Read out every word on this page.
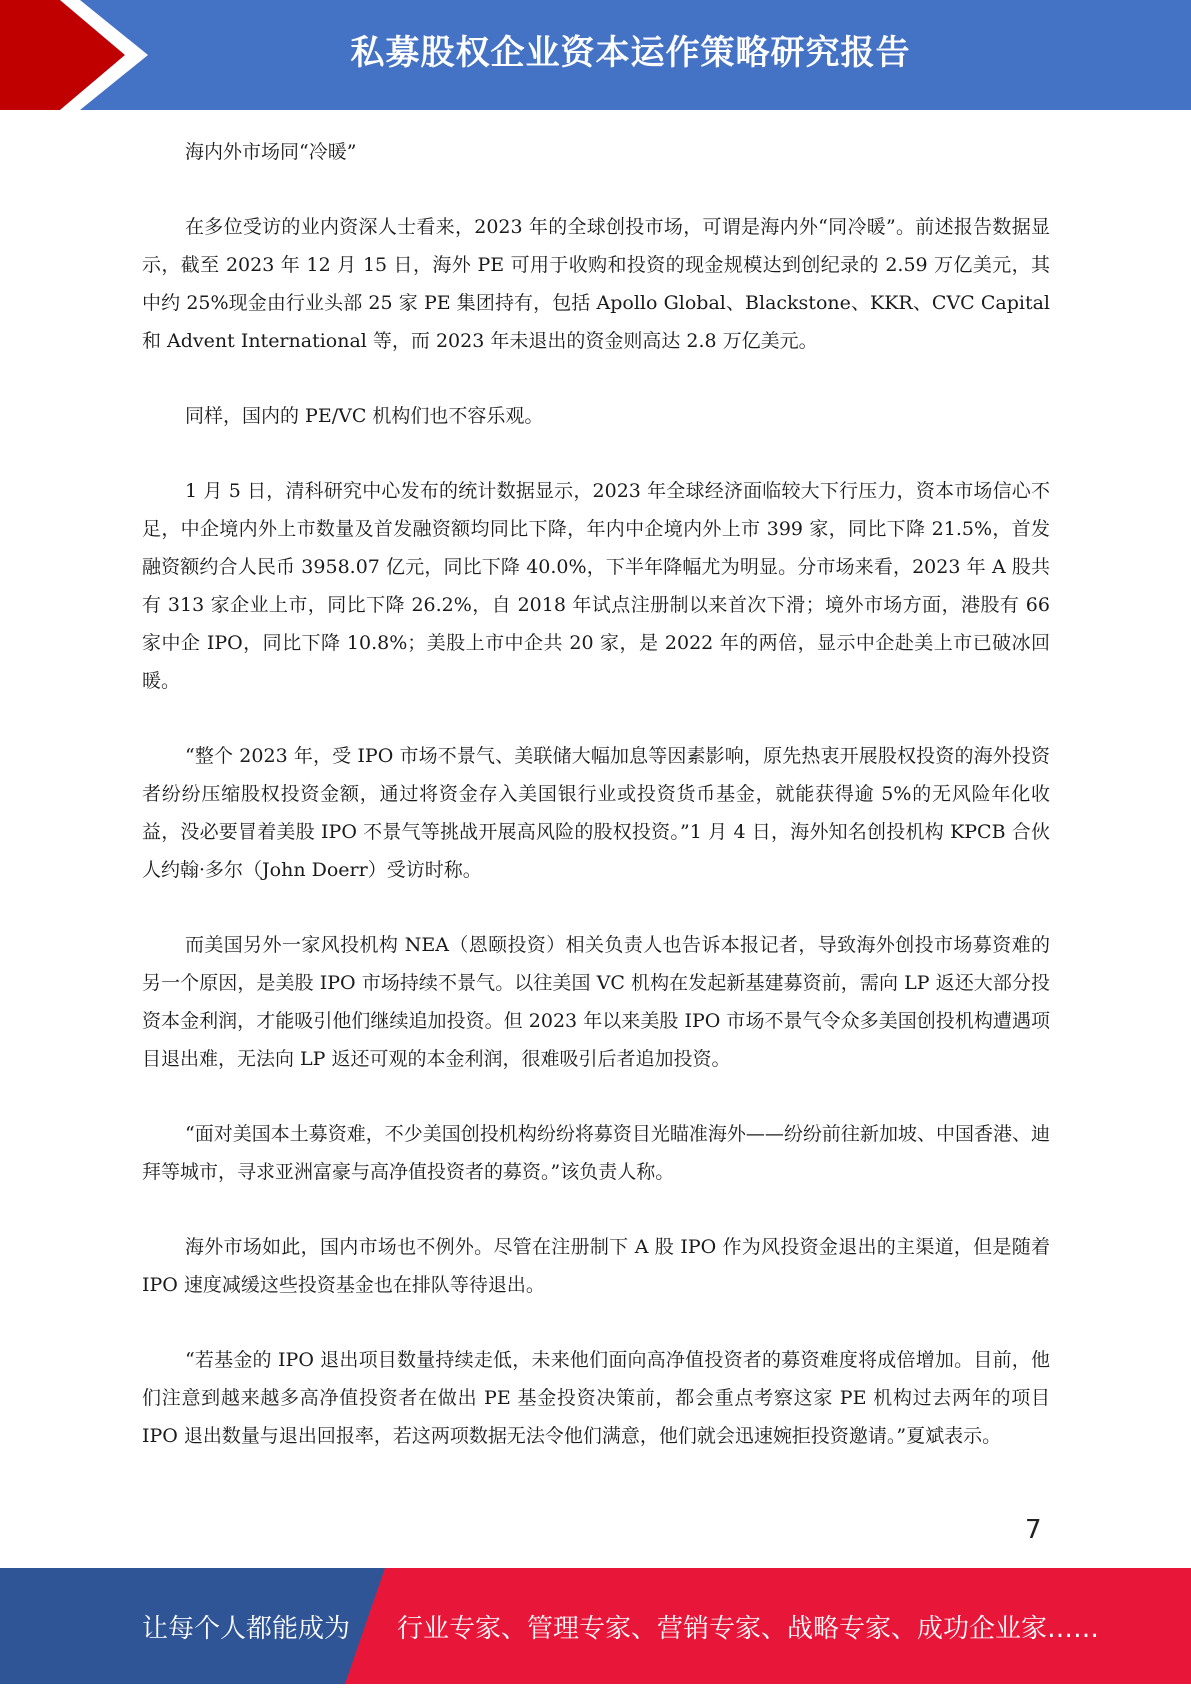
私募股权企业资本运作策略研究报告

海内外市场同“冷暖”

在多位受访的业内资深人士看来，2023 年的全球创投市场，可谓是海内外“同冷暖”。前述报告数据显示，截至 2023 年 12 月 15 日，海外 PE 可用于收购和投资的现金规模达到创纪录的 2.59 万亿美元，其中约 25%现金由行业头部 25 家 PE 集团持有，包括 Apollo Global、Blackstone、KKR、CVC Capital 和 Advent International 等，而 2023 年未退出的资金则高达 2.8 万亿美元。

同样，国内的 PE/VC 机构们也不容乐观。

1 月 5 日，清科研究中心发布的统计数据显示，2023 年全球经济面临较大下行压力，资本市场信心不足，中企境内外上市数量及首发融资额均同比下降，年内中企境内外上市 399 家，同比下降 21.5%，首发融资额约合人民币 3958.07 亿元，同比下降 40.0%，下半年降幅尤为明显。分市场来看，2023 年 A 股共有 313 家企业上市，同比下降 26.2%，自 2018 年试点注册制以来首次下滑；境外市场方面，港股有 66 家中企 IPO，同比下降 10.8%；美股上市中企共 20 家，是 2022 年的两倍，显示中企赴美上市已破冰回暖。

“整个 2023 年，受 IPO 市场不景气、美联储大幅加息等因素影响，原先热衷开展股权投资的海外投资者纷纷压缩股权投资金额，通过将资金存入美国银行业或投资货币基金，就能获得逾 5%的无风险年化收益，没必要冒着美股 IPO 不景气等挑战开展高风险的股权投资。”1 月 4 日，海外知名创投机构 KPCB 合伙人约翰·多尔（John Doerr）受访时称。

而美国另外一家风投机构 NEA（恩颐投资）相关负责人也告诉本报记者，导致海外创投市场募资难的另一个原因，是美股 IPO 市场持续不景气。以往美国 VC 机构在发起新基建募资前，需向 LP 返还大部分投资本金利润，才能吸引他们继续追加投资。但 2023 年以来美股 IPO 市场不景气令众多美国创投机构遭遇项目退出难，无法向 LP 返还可观的本金利润，很难吸引后者追加投资。

“面对美国本土募资难，不少美国创投机构纷纷将募资目光瞄准海外——纷纷前往新加坡、中国香港、迪拜等城市，寻求亚洲富豪与高净值投资者的募资。”该负责人称。

海外市场如此，国内市场也不例外。尽管在注册制下 A 股 IPO 作为风投资金退出的主渠道，但是随着 IPO 速度减缓这些投资基金也在排队等待退出。

“若基金的 IPO 退出项目数量持续走低，未来他们面向高净值投资者的募资难度将成倍增加。目前，他们注意到越来越多高净值投资者在做出 PE 基金投资决策前，都会重点考察这家 PE 机构过去两年的项目 IPO 退出数量与退出回报率，若这两项数据无法令他们满意，他们就会迅速婉拒投资邀请。”夏斌表示。

7
让每个人都能成为 行业专家、管理专家、营销专家、战略专家、成功企业家……
